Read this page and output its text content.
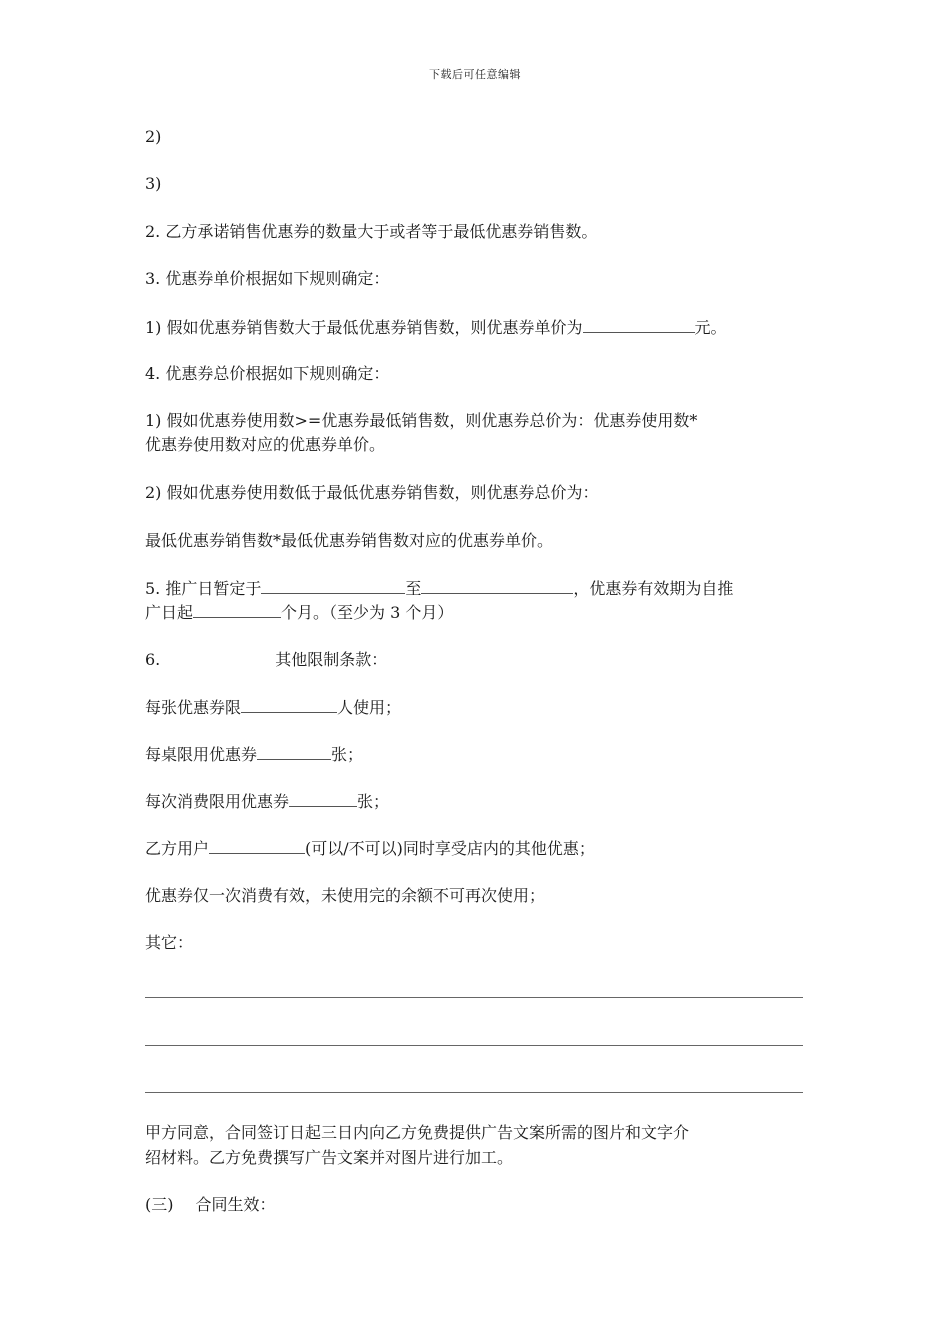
下载后可任意编辑
2)
3)
2. 乙方承诺销售优惠券的数量大于或者等于最低优惠券销售数。
3. 优惠券单价根据如下规则确定：
1) 假如优惠券销售数大于最低优惠券销售数，则优惠券单价为	元。
4. 优惠券总价根据如下规则确定：
1) 假如优惠券使用数>=优惠券最低销售数，则优惠券总价为：优惠券使用数*
优惠券使用数对应的优惠券单价。
2) 假如优惠券使用数低于最低优惠券销售数，则优惠券总价为：
最低优惠券销售数*最低优惠券销售数对应的优惠券单价。
5. 推广日暂定于	至	，优惠券有效期为自推
广日起	个月。（至少为 3 个月）
6.	其他限制条款：
每张优惠券限	人使用；
每桌限用优惠券	张；
每次消费限用优惠券	张；
乙方用户	(可以/不可以)同时享受店内的其他优惠；
优惠券仅一次消费有效，未使用完的余额不可再次使用；
其它：
甲方同意，合同签订日起三日内向乙方免费提供广告文案所需的图片和文字介
绍材料。乙方免费撰写广告文案并对图片进行加工。
(三) 合同生效：
